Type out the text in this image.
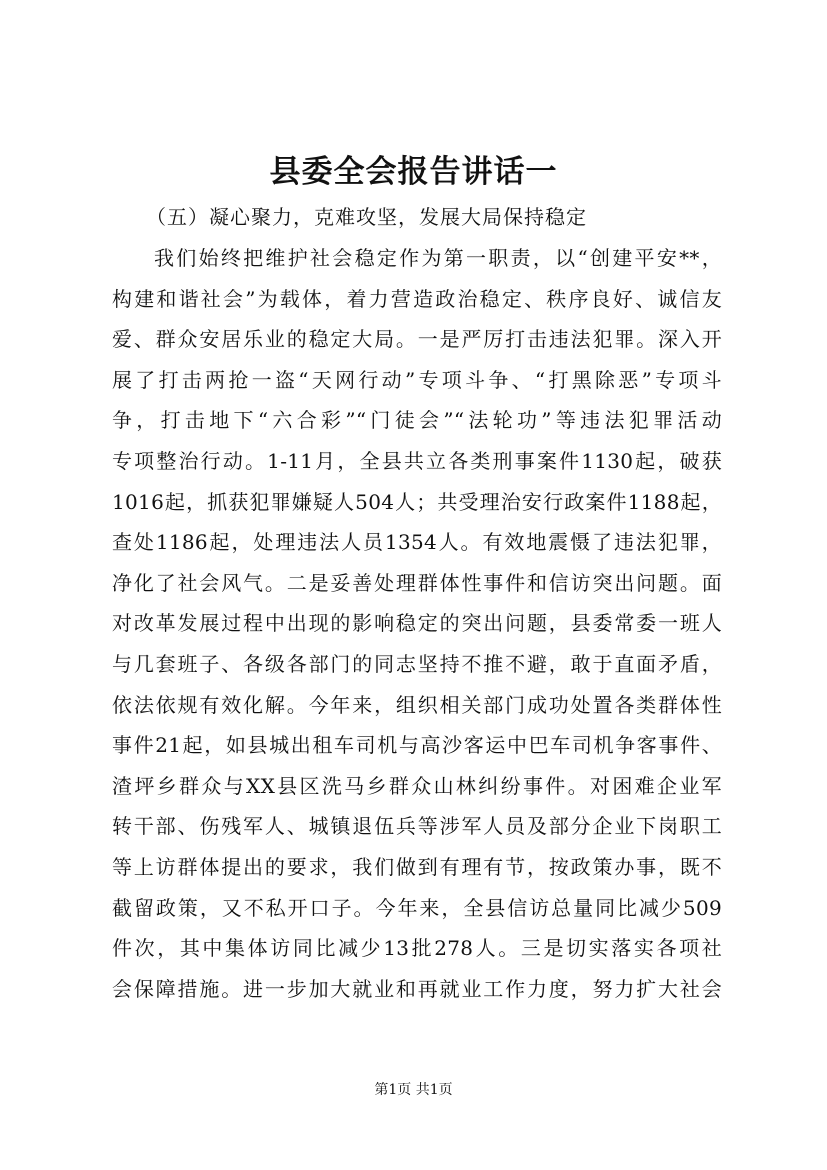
县委全会报告讲话一
（五）凝心聚力，克难攻坚，发展大局保持稳定
我们始终把维护社会稳定作为第一职责，以“创建平安**，
构建和谐社会”为载体，着力营造政治稳定、秩序良好、诚信友
爱、群众安居乐业的稳定大局。一是严厉打击违法犯罪。深入开
展了打击两抢一盗“天网行动”专项斗争、“打黑除恶”专项斗
争，打击地下“六合彩”“门徒会”“法轮功”等违法犯罪活动
专项整治行动。1-11月，全县共立各类刑事案件1130起，破获
1016起，抓获犯罪嫌疑人504人；共受理治安行政案件1188起，
查处1186起，处理违法人员1354人。有效地震慑了违法犯罪，
净化了社会风气。二是妥善处理群体性事件和信访突出问题。面
对改革发展过程中出现的影响稳定的突出问题，县委常委一班人
与几套班子、各级各部门的同志坚持不推不避，敢于直面矛盾，
依法依规有效化解。今年来，组织相关部门成功处置各类群体性
事件21起，如县城出租车司机与高沙客运中巴车司机争客事件、
渣坪乡群众与XX县区洗马乡群众山林纠纷事件。对困难企业军
转干部、伤残军人、城镇退伍兵等涉军人员及部分企业下岗职工
等上访群体提出的要求，我们做到有理有节，按政策办事，既不
截留政策，又不私开口子。今年来，全县信访总量同比减少509
件次，其中集体访同比减少13批278人。三是切实落实各项社
会保障措施。进一步加大就业和再就业工作力度，努力扩大社会
第1页 共1页
